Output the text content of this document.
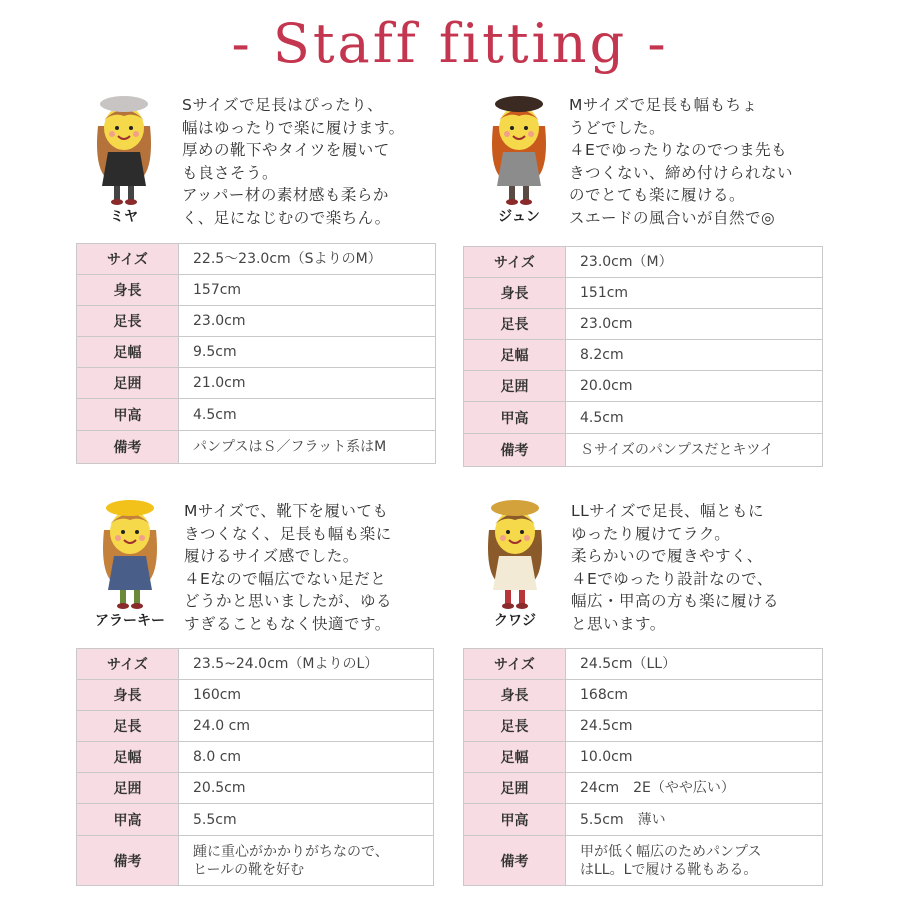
- Staff fitting -
ミヤ
Sサイズで足長はぴったり、
幅はゆったりで楽に履けます。
厚めの靴下やタイツを履いて
も良さそう。
アッパー材の素材感も柔らか
く、足になじむので楽ちん。
サイズ	22.5～23.0cm（SよりのM）

身長	157cm

足長	23.0cm

足幅	9.5cm

足囲	21.0cm

甲高	4.5cm

備考	パンプスはＳ／フラット系はM
ジュン
Mサイズで足長も幅もちょ
うどでした。
４Eでゆったりなのでつま先も
きつくない、締め付けられない
のでとても楽に履ける。
スエードの風合いが自然で◎
サイズ	23.0cm（M）

身長	151cm

足長	23.0cm

足幅	8.2cm

足囲	20.0cm

甲高	4.5cm

備考	Ｓサイズのパンプスだとキツイ
アラーキー
Mサイズで、靴下を履いても
きつくなく、足長も幅も楽に
履けるサイズ感でした。
４Eなので幅広でない足だと
どうかと思いましたが、ゆる
すぎることもなく快適です。
サイズ	23.5~24.0cm（MよりのL）

身長	160cm

足長	24.0 cm

足幅	8.0 cm

足囲	20.5cm

甲高	5.5cm

備考	踵に重心がかかりがちなので、
ヒールの靴を好む
クワジ
LLサイズで足長、幅ともに
ゆったり履けてラク。
柔らかいので履きやすく、
４Eでゆったり設計なので、
幅広・甲高の方も楽に履ける
と思います。
サイズ	24.5cm（LL）

身長	168cm

足長	24.5cm

足幅	10.0cm

足囲	24cm　2E（やや広い）

甲高	5.5cm　薄い

備考	甲が低く幅広のためパンプス
はLL。Lで履ける靴もある。
